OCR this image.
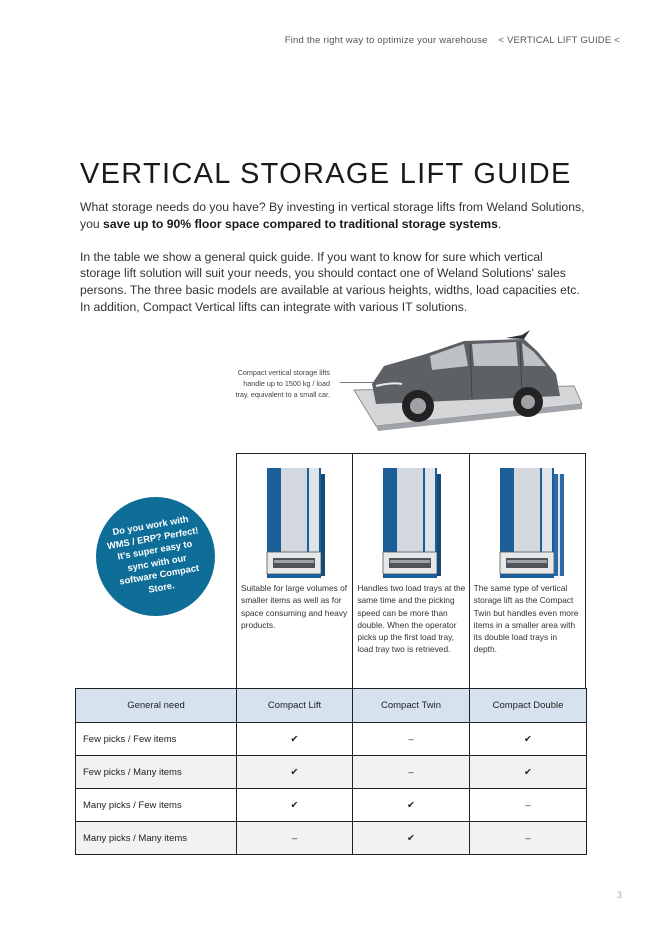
Find the right way to optimize your warehouse < VERTICAL LIFT GUIDE <
VERTICAL STORAGE LIFT GUIDE

What storage needs do you have? By investing in vertical storage lifts from Weland Solutions, you save up to 90% floor space compared to traditional storage systems.

In the table we show a general quick guide. If you want to know for sure which vertical storage lift solution will suit your needs, you should contact one of Weland Solutions' sales persons. The three basic models are available at various heights, widths, load capacities etc. In addition, Compact Vertical lifts can integrate with various IT solutions.

Compact vertical storage lifts handle up to 1500 kg / load tray, equivalent to a small car.
Do you work with WMS / ERP? Perfect! It's super easy to sync with our software Compact Store.	Suitable for large volumes of smaller items as well as for space consuming and heavy products.
Handles two load trays at the same time and the picking speed can be more than double. When the operator picks up the first load tray, load tray two is retrieved.
The same type of vertical storage lift as the Compact Twin but handles even more items in a smaller area with its double load trays in depth.
General need	Compact Lift	Compact Twin	Compact Double
Few picks / Few items	✔	–	✔
Few picks / Many items	✔	–	✔
Many picks / Few items	✔	✔	–
Many picks / Many items	–	✔	–
3
